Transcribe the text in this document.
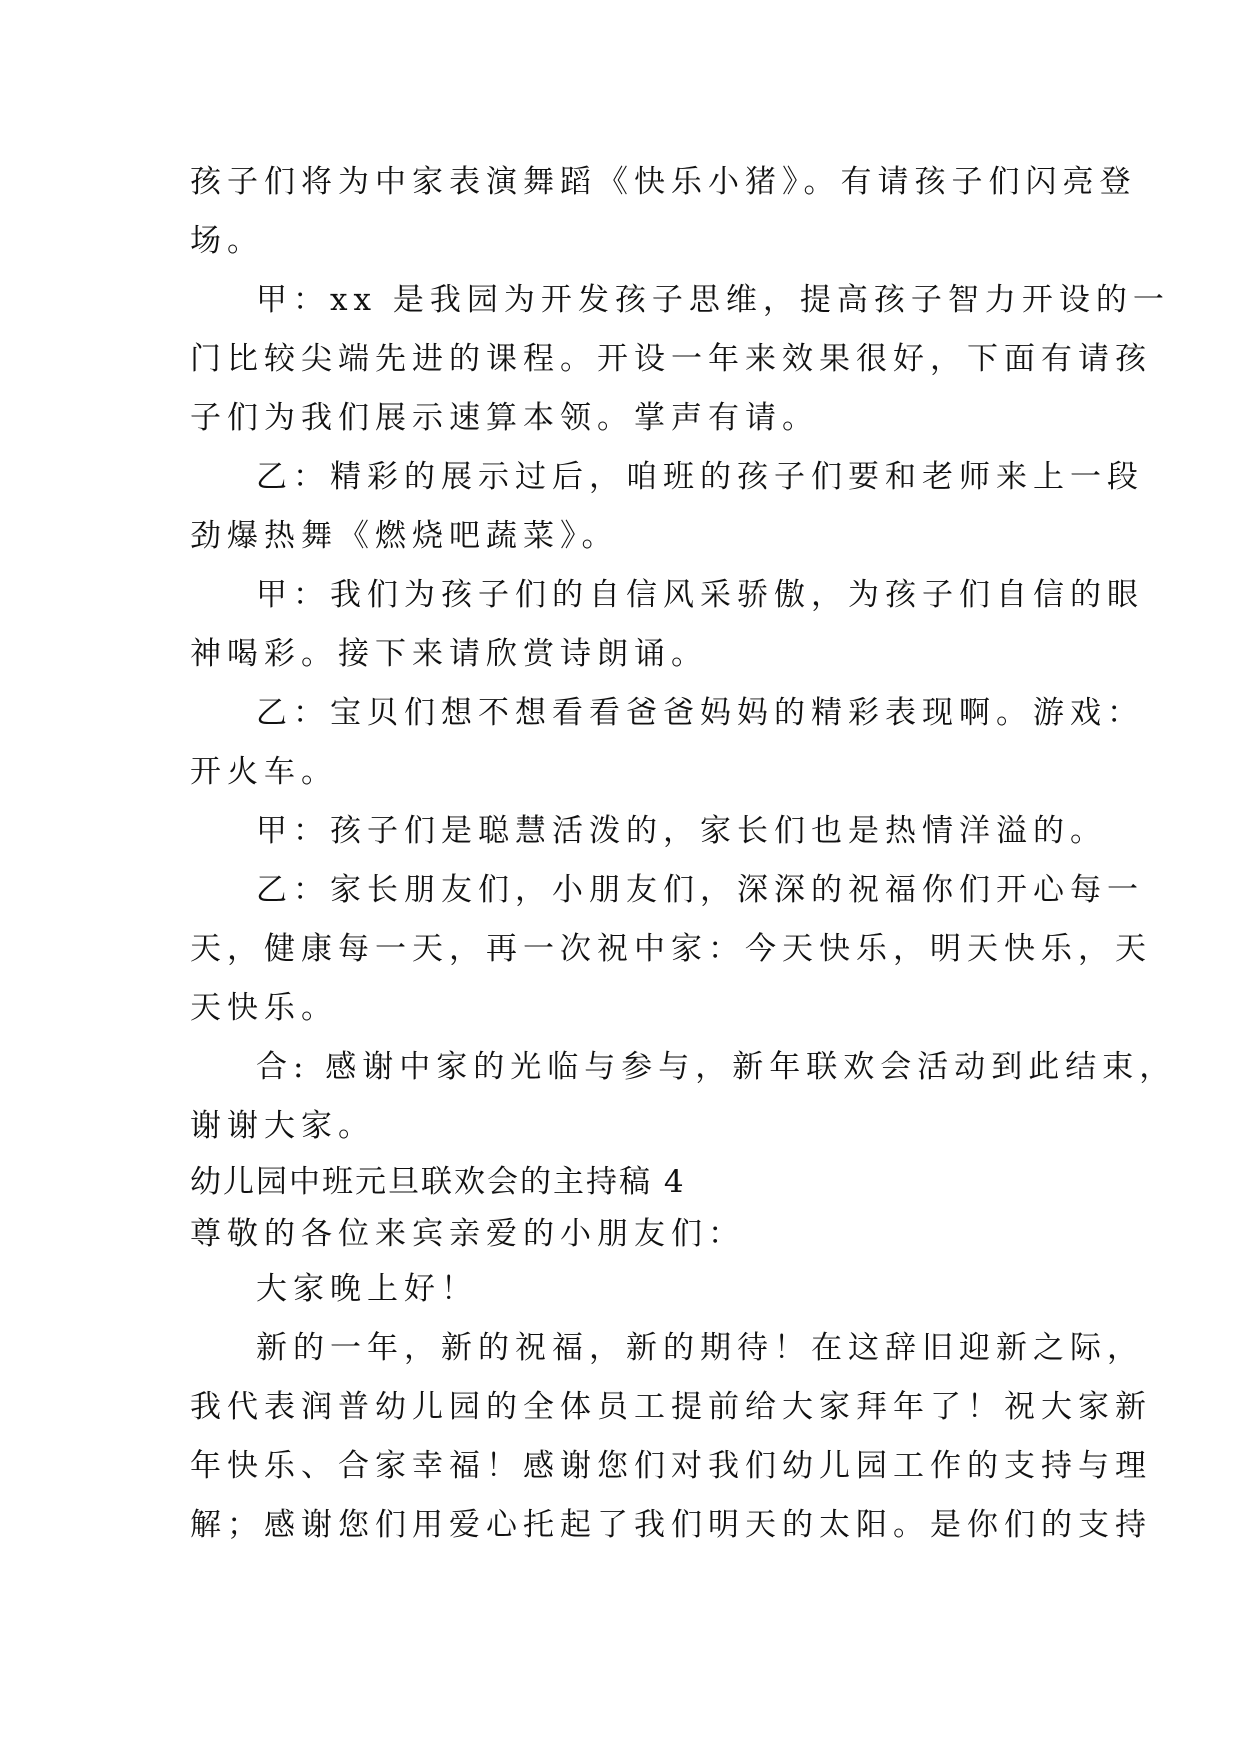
孩子们将为中家表演舞蹈《快乐小猪》。有请孩子们闪亮登
场。
甲：xx 是我园为开发孩子思维，提高孩子智力开设的一
门比较尖端先进的课程。开设一年来效果很好，下面有请孩
子们为我们展示速算本领。掌声有请。
乙：精彩的展示过后，咱班的孩子们要和老师来上一段
劲爆热舞《燃烧吧蔬菜》。
甲：我们为孩子们的自信风采骄傲，为孩子们自信的眼
神喝彩。接下来请欣赏诗朗诵。
乙：宝贝们想不想看看爸爸妈妈的精彩表现啊。游戏：
开火车。
甲：孩子们是聪慧活泼的，家长们也是热情洋溢的。
乙：家长朋友们，小朋友们，深深的祝福你们开心每一
天，健康每一天，再一次祝中家：今天快乐，明天快乐，天
天快乐。
合: 感谢中家的光临与参与，新年联欢会活动到此结束，
谢谢大家。
幼儿园中班元旦联欢会的主持稿 4
尊敬的各位来宾亲爱的小朋友们：
大家晚上好！
新的一年，新的祝福，新的期待！在这辞旧迎新之际，
我代表润普幼儿园的全体员工提前给大家拜年了！祝大家新
年快乐、合家幸福！感谢您们对我们幼儿园工作的支持与理
解；感谢您们用爱心托起了我们明天的太阳。是你们的支持
